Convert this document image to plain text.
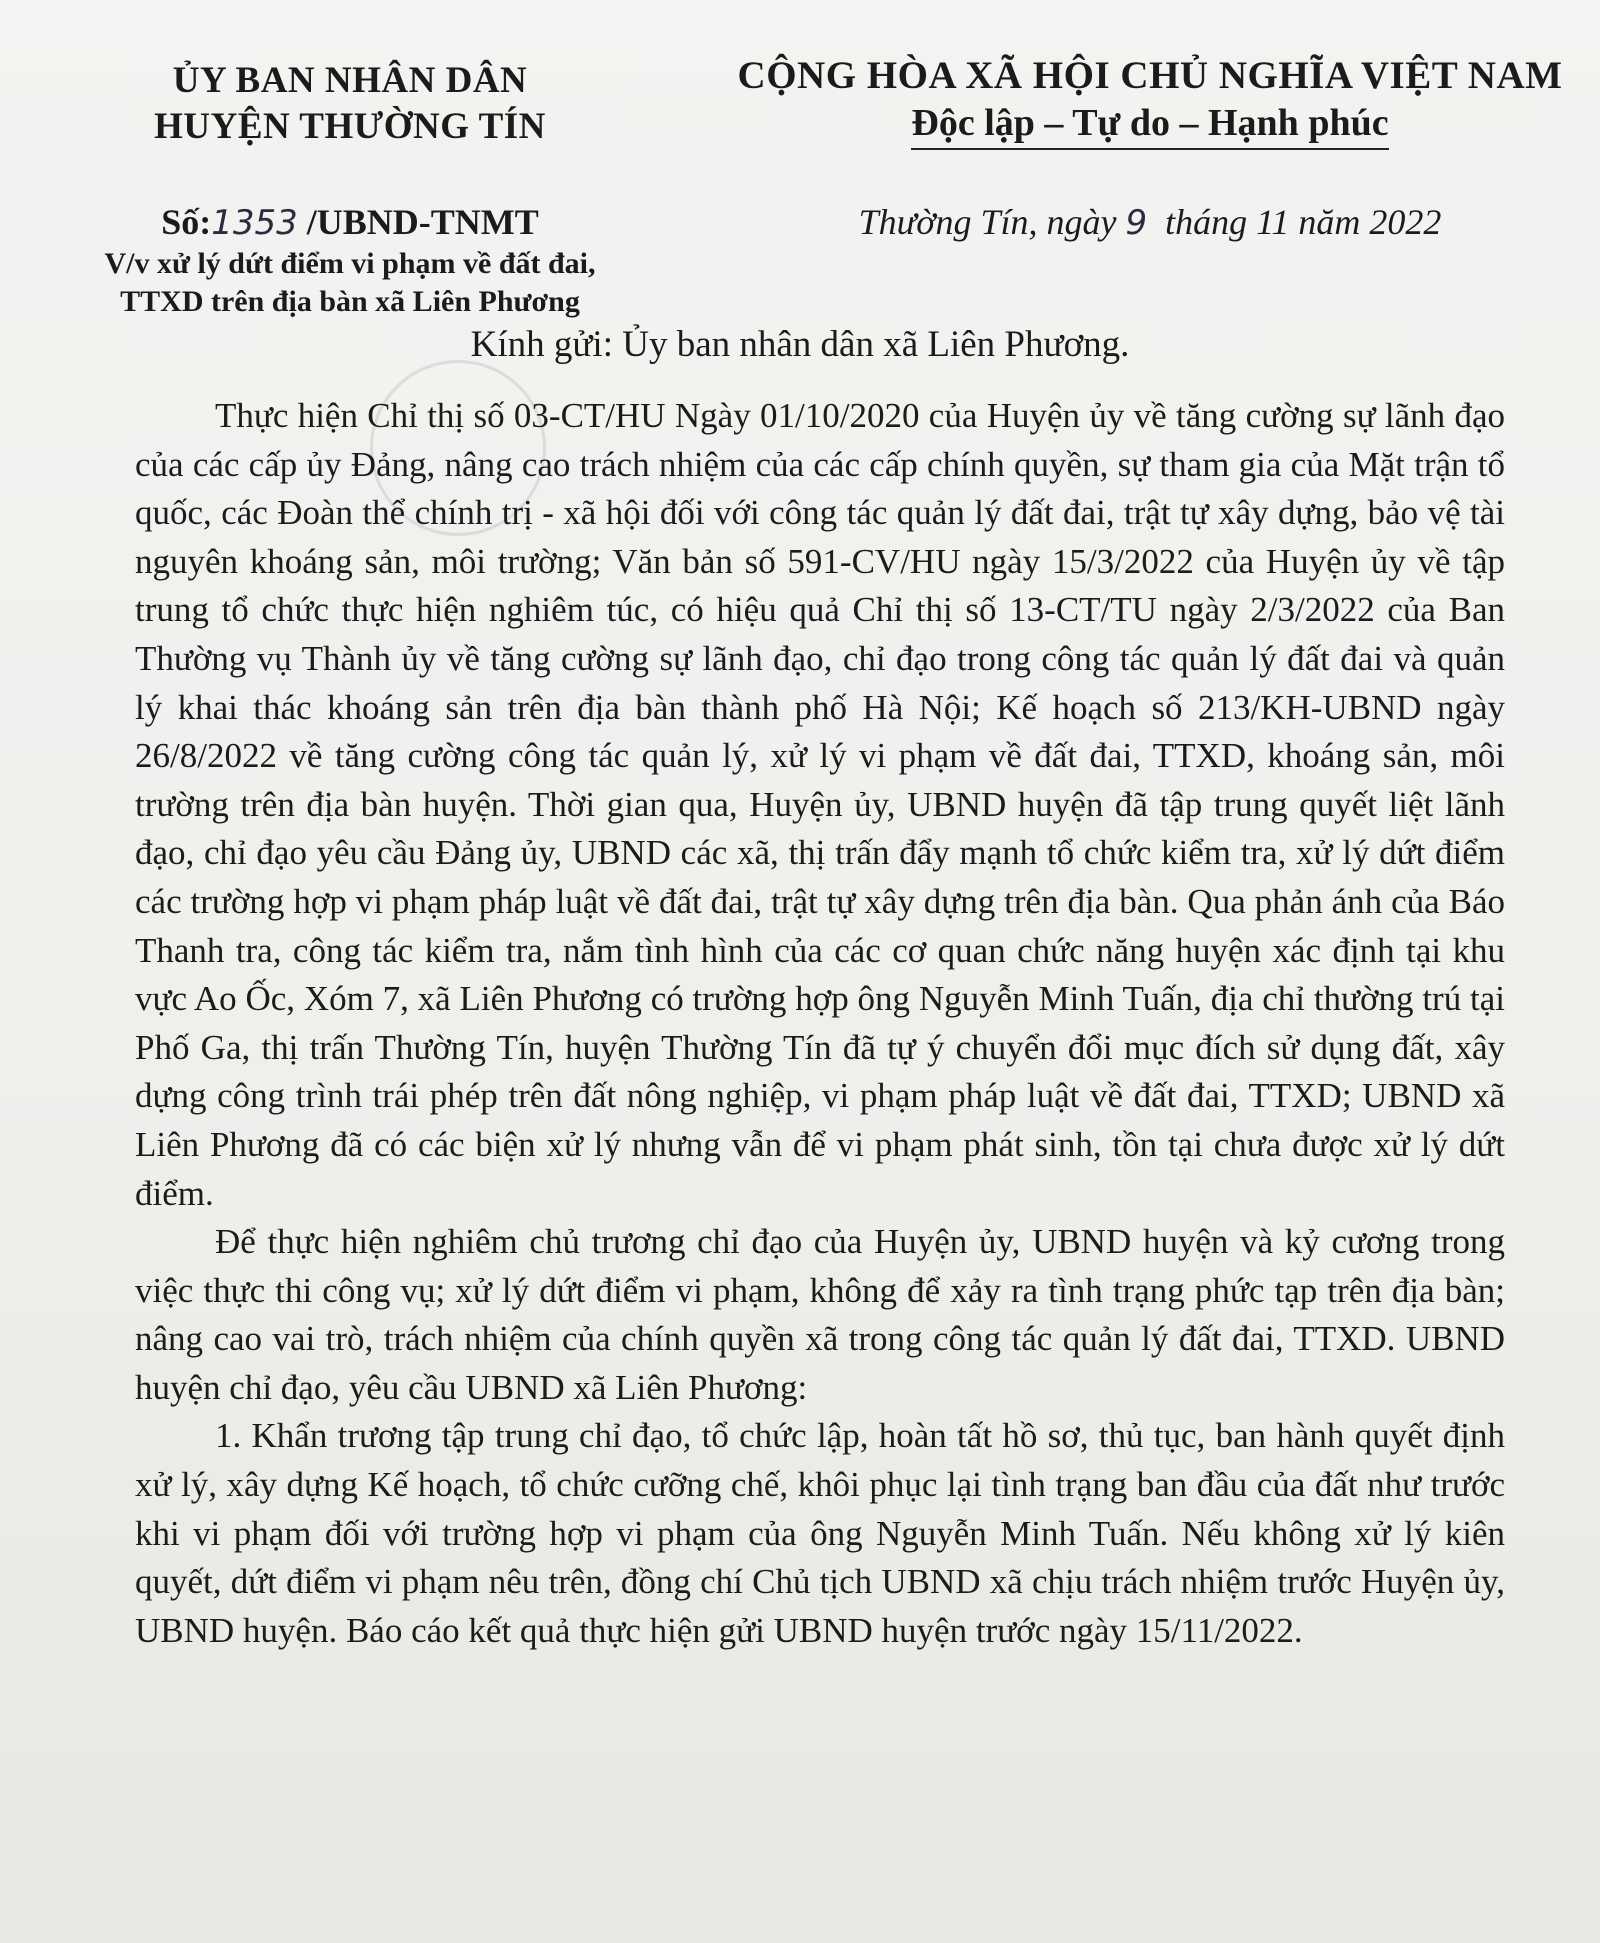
ỦY BAN NHÂN DÂN
HUYỆN THƯỜNG TÍN
Số:1353 /UBND-TNMT
V/v xử lý dứt điểm vi phạm về đất đai,
TTXD trên địa bàn xã Liên Phương
CỘNG HÒA XÃ HỘI CHỦ NGHĨA VIỆT NAM
Độc lập – Tự do – Hạnh phúc
Thường Tín, ngày 9 tháng 11 năm 2022
Kính gửi: Ủy ban nhân dân xã Liên Phương.

Thực hiện Chỉ thị số 03-CT/HU Ngày 01/10/2020 của Huyện ủy về tăng cường sự lãnh đạo của các cấp ủy Đảng, nâng cao trách nhiệm của các cấp chính quyền, sự tham gia của Mặt trận tổ quốc, các Đoàn thể chính trị - xã hội đối với công tác quản lý đất đai, trật tự xây dựng, bảo vệ tài nguyên khoáng sản, môi trường; Văn bản số 591-CV/HU ngày 15/3/2022 của Huyện ủy về tập trung tổ chức thực hiện nghiêm túc, có hiệu quả Chỉ thị số 13-CT/TU ngày 2/3/2022 của Ban Thường vụ Thành ủy về tăng cường sự lãnh đạo, chỉ đạo trong công tác quản lý đất đai và quản lý khai thác khoáng sản trên địa bàn thành phố Hà Nội; Kế hoạch số 213/KH-UBND ngày 26/8/2022 về tăng cường công tác quản lý, xử lý vi phạm về đất đai, TTXD, khoáng sản, môi trường trên địa bàn huyện. Thời gian qua, Huyện ủy, UBND huyện đã tập trung quyết liệt lãnh đạo, chỉ đạo yêu cầu Đảng ủy, UBND các xã, thị trấn đẩy mạnh tổ chức kiểm tra, xử lý dứt điểm các trường hợp vi phạm pháp luật về đất đai, trật tự xây dựng trên địa bàn. Qua phản ánh của Báo Thanh tra, công tác kiểm tra, nắm tình hình của các cơ quan chức năng huyện xác định tại khu vực Ao Ốc, Xóm 7, xã Liên Phương có trường hợp ông Nguyễn Minh Tuấn, địa chỉ thường trú tại Phố Ga, thị trấn Thường Tín, huyện Thường Tín đã tự ý chuyển đổi mục đích sử dụng đất, xây dựng công trình trái phép trên đất nông nghiệp, vi phạm pháp luật về đất đai, TTXD; UBND xã Liên Phương đã có các biện xử lý nhưng vẫn để vi phạm phát sinh, tồn tại chưa được xử lý dứt điểm.

Để thực hiện nghiêm chủ trương chỉ đạo của Huyện ủy, UBND huyện và kỷ cương trong việc thực thi công vụ; xử lý dứt điểm vi phạm, không để xảy ra tình trạng phức tạp trên địa bàn; nâng cao vai trò, trách nhiệm của chính quyền xã trong công tác quản lý đất đai, TTXD. UBND huyện chỉ đạo, yêu cầu UBND xã Liên Phương:

1. Khẩn trương tập trung chỉ đạo, tổ chức lập, hoàn tất hồ sơ, thủ tục, ban hành quyết định xử lý, xây dựng Kế hoạch, tổ chức cưỡng chế, khôi phục lại tình trạng ban đầu của đất như trước khi vi phạm đối với trường hợp vi phạm của ông Nguyễn Minh Tuấn. Nếu không xử lý kiên quyết, dứt điểm vi phạm nêu trên, đồng chí Chủ tịch UBND xã chịu trách nhiệm trước Huyện ủy, UBND huyện. Báo cáo kết quả thực hiện gửi UBND huyện trước ngày 15/11/2022.
